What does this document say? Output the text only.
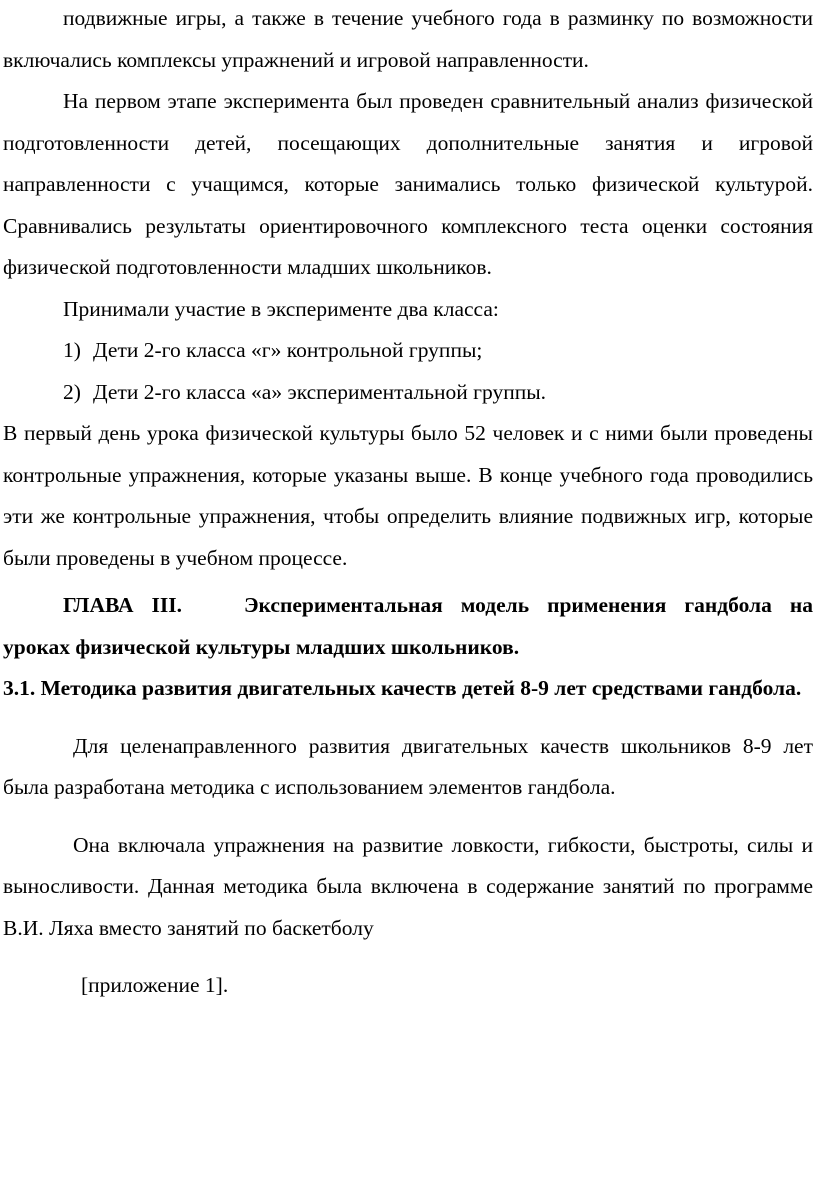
подвижные игры, а также в течение учебного года в разминку по возможности включались комплексы упражнений и игровой направленности.

На первом этапе эксперимента был проведен сравнительный анализ физической подготовленности детей, посещающих дополнительные занятия и игровой направленности с учащимся, которые занимались только физической культурой. Сравнивались результаты ориентировочного комплексного теста оценки состояния физической подготовленности младших школьников.

Принимали участие в эксперименте два класса:

1) Дети 2-го класса «г» контрольной группы;

2) Дети 2-го класса «а» экспериментальной группы.

В первый день урока физической культуры было 52 человек и с ними были проведены контрольные упражнения, которые указаны выше. В конце учебного года проводились эти же контрольные упражнения, чтобы определить влияние подвижных игр, которые были проведены в учебном процессе.

ГЛАВА III.	Экспериментальная модель применения гандбола на уроках физической культуры младших школьников.

3.1. Методика развития двигательных качеств детей 8-9 лет средствами гандбола.

Для целенаправленного развития двигательных качеств школьников 8-9 лет была разработана методика с использованием элементов гандбола.

Она включала упражнения на развитие ловкости, гибкости, быстроты, силы и выносливости. Данная методика была включена в содержание занятий по программе В.И. Ляха вместо занятий по баскетболу

[приложение 1].
